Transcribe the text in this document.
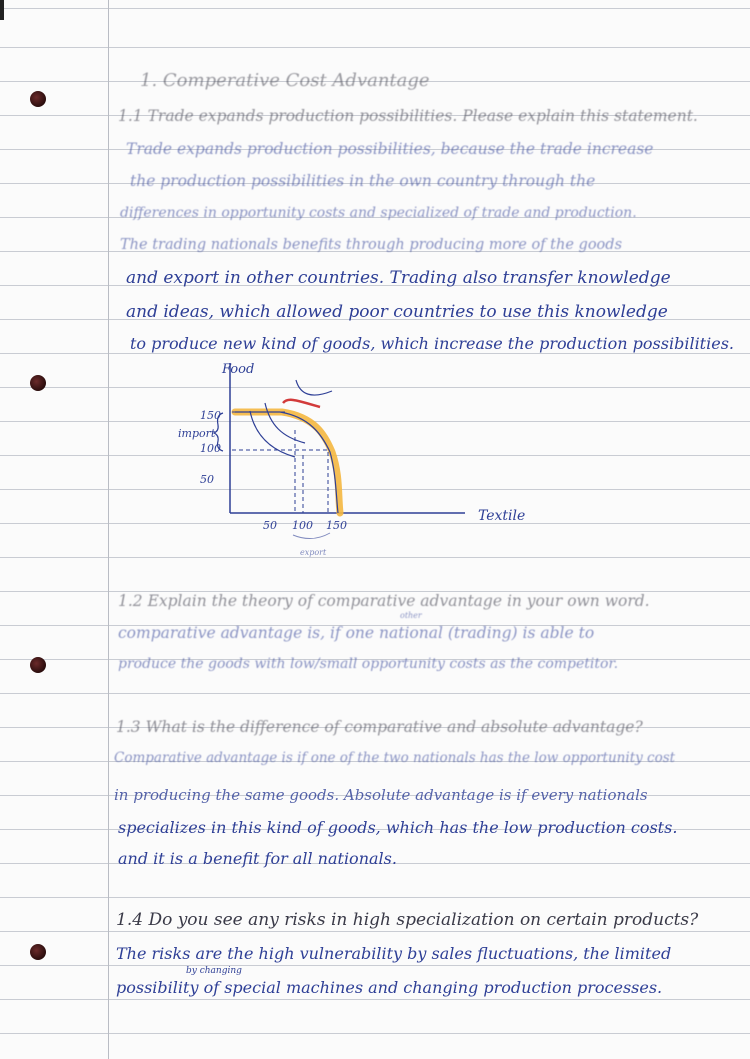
1. Comperative Cost Advantage
1.1 Trade expands production possibilities. Please explain this statement.
Trade expands production possibilities, because the trade increase
the production possibilities in the own country through the
differences in opportunity costs and specialized of trade and production.
The trading nationals benefits through producing more of the goods
and export in other countries. Trading also transfer knowledge
and ideas, which allowed poor countries to use this knowledge
to produce new kind of goods, which increase the production possibilities.
Food
Textile
150
100
50
50 100 150
import
export
1.2 Explain the theory of comparative advantage in your own word.
other
comparative advantage is, if one national (trading) is able to
produce the goods with low/small opportunity costs as the competitor.
1.3 What is the difference of comparative and absolute advantage?
Comparative advantage is if one of the two nationals has the low opportunity cost
in producing the same goods. Absolute advantage is if every nationals
specializes in this kind of goods, which has the low production costs.
and it is a benefit for all nationals.
1.4 Do you see any risks in high specialization on certain products?
The risks are the high vulnerability by sales fluctuations, the limited
by changing
possibility of special machines and changing production processes.
